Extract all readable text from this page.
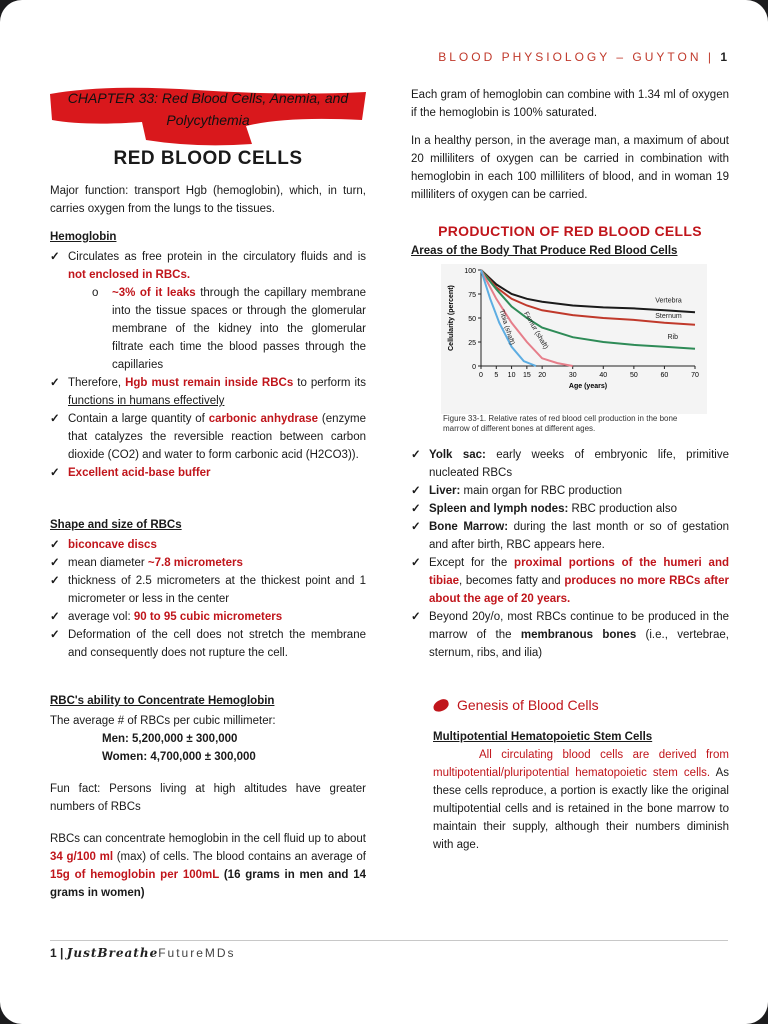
BLOOD PHYSIOLOGY – GUYTON | 1
CHAPTER 33: Red Blood Cells, Anemia, and Polycythemia
RED BLOOD CELLS

Major function: transport Hgb (hemoglobin), which, in turn, carries oxygen from the lungs to the tissues.

Hemoglobin
✓ Circulates as free protein in the circulatory fluids and is not enclosed in RBCs.
o ~3% of it leaks through the capillary membrane into the tissue spaces or through the glomerular membrane of the kidney into the glomerular filtrate each time the blood passes through the capillaries
✓ Therefore, Hgb must remain inside RBCs to perform its functions in humans effectively
✓ Contain a large quantity of carbonic anhydrase (enzyme that catalyzes the reversible reaction between carbon dioxide (CO2) and water to form carbonic acid (H2CO3)).
✓ Excellent acid-base buffer
Shape and size of RBCs
✓ biconcave discs
✓ mean diameter ~7.8 micrometers
✓ thickness of 2.5 micrometers at the thickest point and 1 micrometer or less in the center
✓ average vol: 90 to 95 cubic micrometers
✓ Deformation of the cell does not stretch the membrane and consequently does not rupture the cell.
RBC's ability to Concentrate Hemoglobin

The average # of RBCs per cubic millimeter:

Men: 5,200,000 ± 300,000
Women: 4,700,000 ± 300,000

Fun fact: Persons living at high altitudes have greater numbers of RBCs

RBCs can concentrate hemoglobin in the cell fluid up to about 34 g/100 ml (max) of cells. The blood contains an average of 15g of hemoglobin per 100mL (16 grams in men and 14 grams in women)

Each gram of hemoglobin can combine with 1.34 ml of oxygen if the hemoglobin is 100% saturated.

In a healthy person, in the average man, a maximum of about 20 milliliters of oxygen can be carried in combination with hemoglobin in each 100 milliliters of blood, and in woman 19 milliliters of oxygen can be carried.

PRODUCTION OF RED BLOOD CELLS
Areas of the Body That Produce Red Blood Cells
0
25
50
75
100
0 5 10 15 20	30	40	50	60	70
Age (years)
Cellularity (percent)	Vertebra
Sternum
Rib
Femur (shaft)
Tibia (shaft)
Figure 33-1. Relative rates of red blood cell production in the bone marrow of different bones at different ages.
✓ Yolk sac: early weeks of embryonic life, primitive nucleated RBCs
✓ Liver: main organ for RBC production
✓ Spleen and lymph nodes: RBC production also
✓ Bone Marrow: during the last month or so of gestation and after birth, RBC appears here.
✓ Except for the proximal portions of the humeri and tibiae, becomes fatty and produces no more RBCs after about the age of 20 years.
✓ Beyond 20y/o, most RBCs continue to be produced in the marrow of the membranous bones (i.e., vertebrae, sternum, ribs, and ilia)
Genesis of Blood Cells
Multipotential Hematopoietic Stem Cells

All circulating blood cells are derived from multipotential/pluripotential hematopoietic stem cells. As these cells reproduce, a portion is exactly like the original multipotential cells and is retained in the bone marrow to maintain their supply, although their numbers diminish with age.

1 | JustBreatheFutureMDs
